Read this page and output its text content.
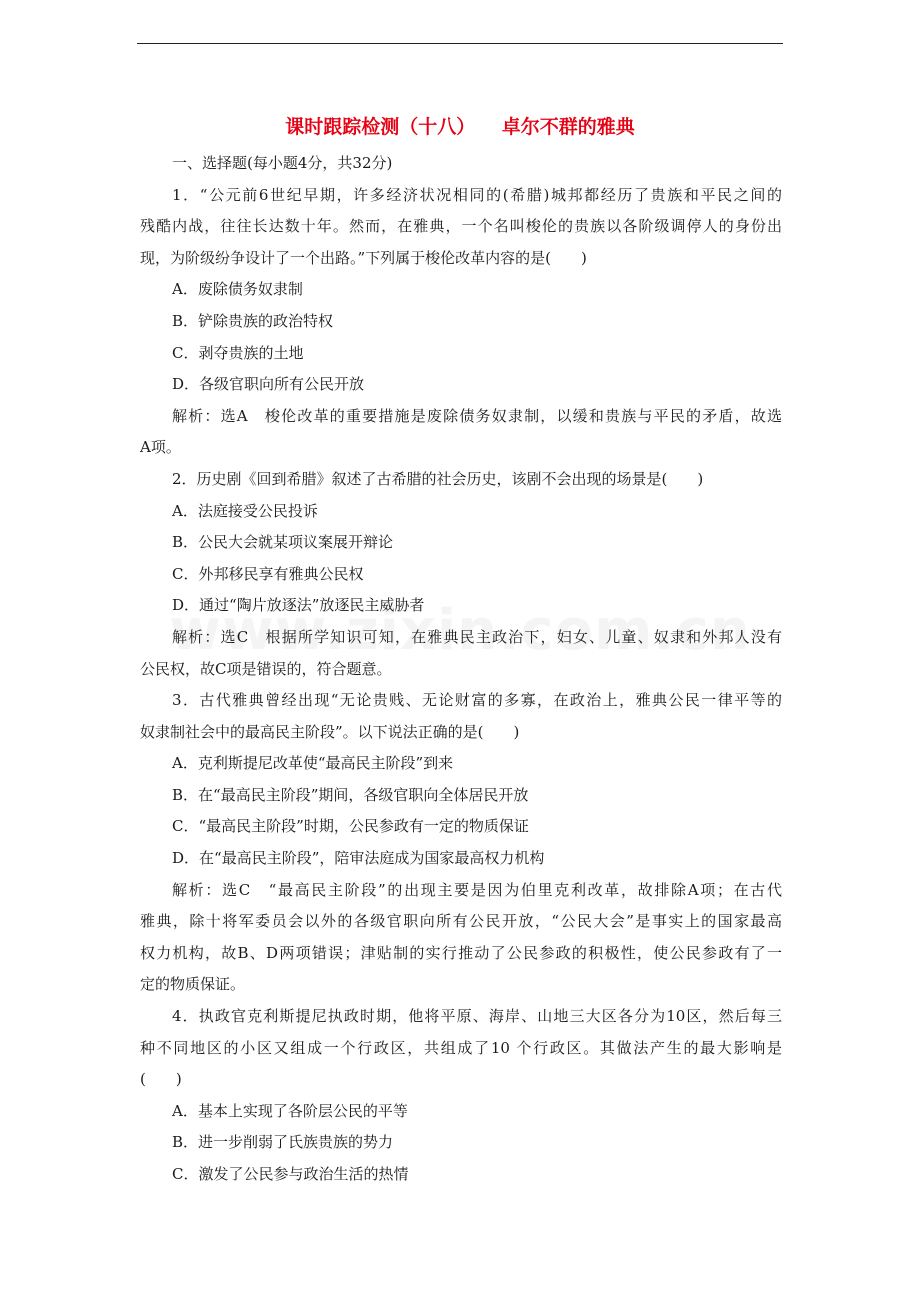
课时跟踪检测（十八）    卓尔不群的雅典
一、选择题(每小题4分，共32分)
1．“公元前6世纪早期，许多经济状况相同的(希腊)城邦都经历了贵族和平民之间的
残酷内战，往往长达数十年。然而，在雅典，一个名叫梭伦的贵族以各阶级调停人的身份出
现，为阶级纷争设计了一个出路。”下列属于梭伦改革内容的是(　　)
A．废除债务奴隶制
B．铲除贵族的政治特权
C．剥夺贵族的土地
D．各级官职向所有公民开放
解析：选A　梭伦改革的重要措施是废除债务奴隶制，以缓和贵族与平民的矛盾，故选
A项。
2．历史剧《回到希腊》叙述了古希腊的社会历史，该剧不会出现的场景是(　　)
A．法庭接受公民投诉
B．公民大会就某项议案展开辩论
C．外邦移民享有雅典公民权
D．通过“陶片放逐法”放逐民主威胁者
解析：选C　根据所学知识可知，在雅典民主政治下，妇女、儿童、奴隶和外邦人没有
公民权，故C项是错误的，符合题意。
3．古代雅典曾经出现“无论贵贱、无论财富的多寡，在政治上，雅典公民一律平等的
奴隶制社会中的最高民主阶段”。以下说法正确的是(　　)
A．克利斯提尼改革使“最高民主阶段”到来
B．在“最高民主阶段”期间，各级官职向全体居民开放
C．“最高民主阶段”时期，公民参政有一定的物质保证
D．在“最高民主阶段”，陪审法庭成为国家最高权力机构
解析：选C　“最高民主阶段”的出现主要是因为伯里克利改革，故排除A项；在古代
雅典，除十将军委员会以外的各级官职向所有公民开放，“公民大会”是事实上的国家最高
权力机构，故B、D两项错误；津贴制的实行推动了公民参政的积极性，使公民参政有了一
定的物质保证。
4．执政官克利斯提尼执政时期，他将平原、海岸、山地三大区各分为10区，然后每三
种不同地区的小区又组成一个行政区，共组成了10 个行政区。其做法产生的最大影响是
(　　)
A．基本上实现了各阶层公民的平等
B．进一步削弱了氏族贵族的势力
C．激发了公民参与政治生活的热情
